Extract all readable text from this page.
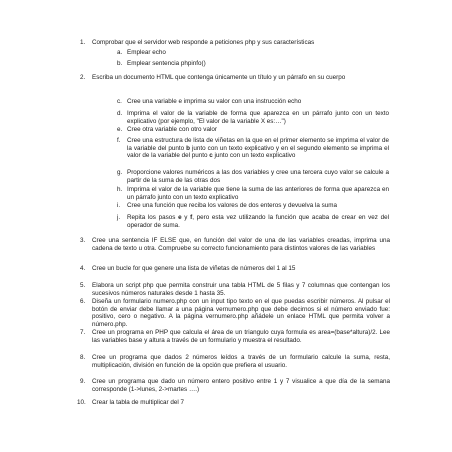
1. Comprobar que el servidor web responde a peticiones php y sus características
a. Emplear echo
b. Emplear sentencia phpinfo()
2. Escriba un documento HTML que contenga únicamente un título y un párrafo en su cuerpo
c. Cree una variable e imprima su valor con una instrucción echo
d. Imprima el valor de la variable de forma que aparezca en un párrafo junto con un texto explicativo (por ejemplo, "El valor de la variable X es:…")
e. Cree otra variable con otro valor
f. Cree una estructura de lista de viñetas en la que en el primer elemento se imprima el valor de la variable del punto b junto con un texto explicativo y en el segundo elemento se imprima el valor de la variable del punto c junto con un texto explicativo
g. Proporcione valores numéricos a las dos variables y cree una tercera cuyo valor se calcule a partir de la suma de las otras dos
h. Imprima el valor de la variable que tiene la suma de las anteriores de forma que aparezca en un párrafo junto con un texto explicativo
i. Cree una función que reciba los valores de dos enteros y devuelva la suma
j. Repita los pasos e y f, pero esta vez utilizando la función que acaba de crear en vez del operador de suma.
3. Cree una sentencia IF ELSE que, en función del valor de una de las variables creadas, imprima una cadena de texto u otra. Compruebe su correcto funcionamiento para distintos valores de las variables
4. Cree un bucle for que genere una lista de viñetas de números del 1 al 15
5. Elabora un script php que permita construir una tabla HTML de 5 filas y 7 columnas que contengan los sucesivos números naturales desde 1 hasta 35.
6. Diseña un formulario numero.php con un input tipo texto en el que puedas escribir números. Al pulsar el botón de enviar debe llamar a una página vernumero.php que debe decirnos si el número enviado fue: positivo, cero o negativo. A la página vernumero.php añádele un enlace HTML que permita volver a número.php.
7. Cree un programa en PHP que calcula el área de un triangulo cuya formula es area=(base*altura)/2. Lee las variables base y altura a través de un formulario y muestra el resultado.
8. Cree un programa que dados 2 números leídos a través de un formulario calcule la suma, resta, multiplicación, división en función de la opción que prefiera el usuario.
9. Cree un programa que dado un número entero positivo entre 1 y 7 visualice a que día de la semana corresponde (1->lunes, 2->martes ….)
10. Crear la tabla de multiplicar del 7
